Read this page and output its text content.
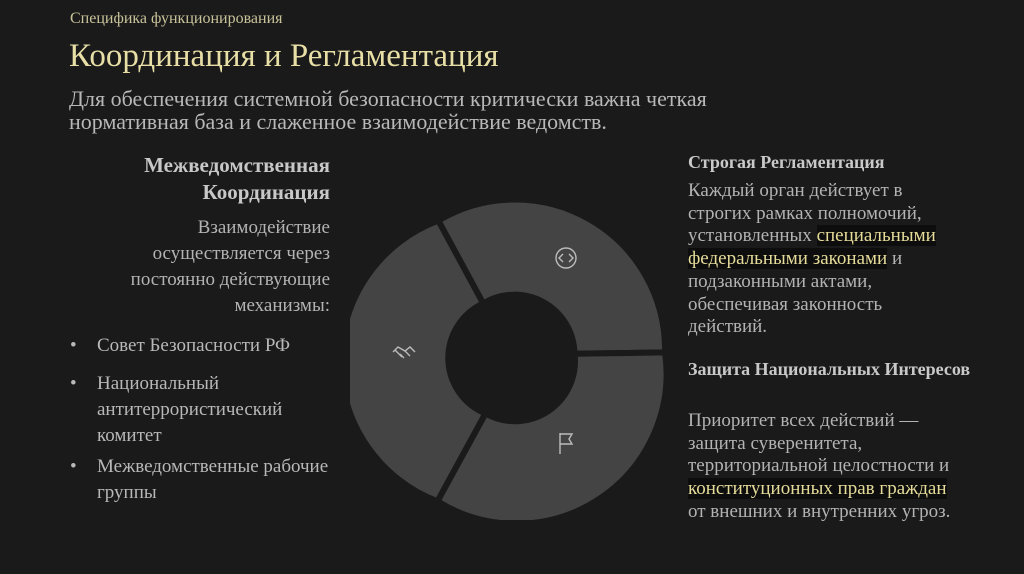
Специфика функционирования
Координация и Регламентация
Для обеспечения системной безопасности критически важна четкая нормативная база и слаженное взаимодействие ведомств.
Межведомственная Координация
Взаимодействие осуществляется через постоянно действующие механизмы:
• Совет Безопасности РФ
• Национальный антитеррористический комитет
• Межведомственные рабочие группы
Строгая Регламентация
Каждый орган действует в строгих рамках полномочий, установленных специальными федеральными законами и подзаконными актами, обеспечивая законность действий.
Защита Национальных Интересов
Приоритет всех действий — защита суверенитета, территориальной целостности и конституционных прав граждан от внешних и внутренних угроз.
